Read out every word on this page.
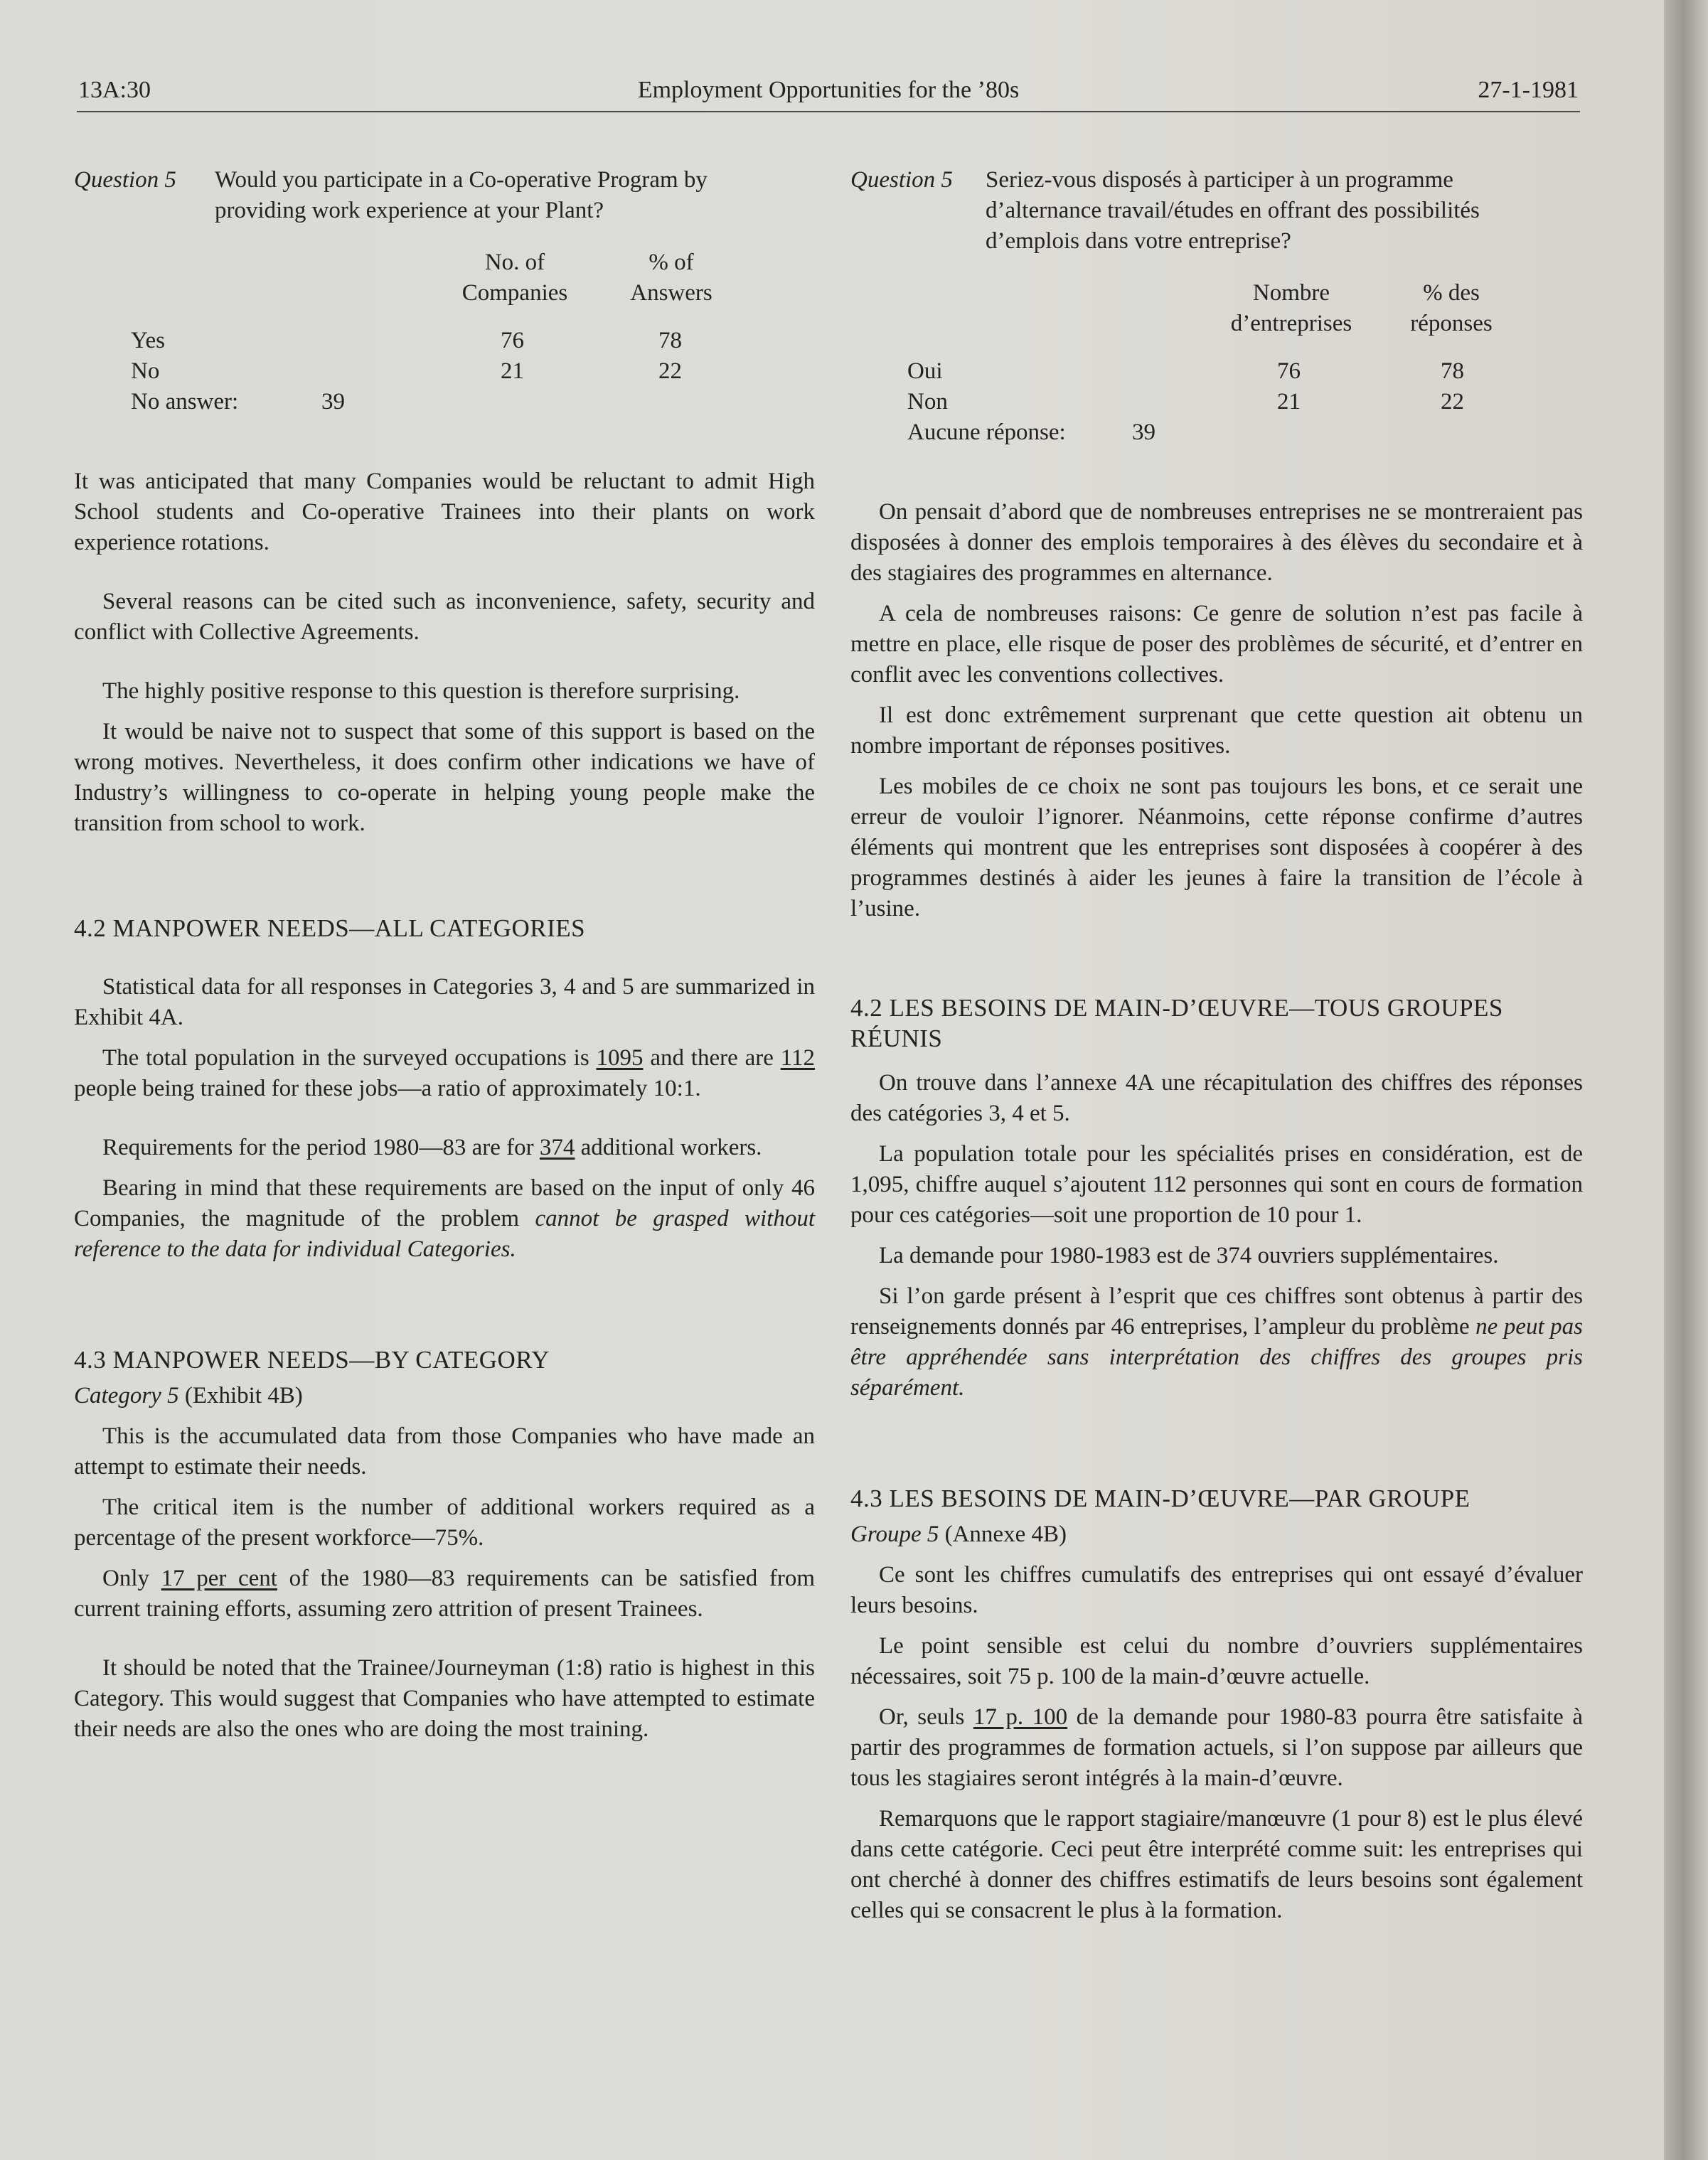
13A:30	Employment Opportunities for the ’80s	27-1-1981
Question 5	Would you participate in a Co-operative Program by providing work experience at your Plant?
No. of Companies
% of Answers
Yes	76	78
No	21	22
No answer:	39

It was anticipated that many Companies would be reluctant to admit High School students and Co-operative Trainees into their plants on work experience rotations.

Several reasons can be cited such as inconvenience, safety, security and conflict with Collective Agreements.

The highly positive response to this question is therefore surprising.

It would be naive not to suspect that some of this support is based on the wrong motives. Nevertheless, it does confirm other indications we have of Industry’s willingness to co-operate in helping young people make the transition from school to work.

4.2 MANPOWER NEEDS—ALL CATEGORIES

Statistical data for all responses in Categories 3, 4 and 5 are summarized in Exhibit 4A.

The total population in the surveyed occupations is 1095 and there are 112 people being trained for these jobs—a ratio of approximately 10:1.

Requirements for the period 1980—83 are for 374 additional workers.

Bearing in mind that these requirements are based on the input of only 46 Companies, the magnitude of the problem cannot be grasped without reference to the data for individual Categories.

4.3 MANPOWER NEEDS—BY CATEGORY

Category 5 (Exhibit 4B)

This is the accumulated data from those Companies who have made an attempt to estimate their needs.

The critical item is the number of additional workers required as a percentage of the present workforce—75%.

Only 17 per cent of the 1980—83 requirements can be satisfied from current training efforts, assuming zero attrition of present Trainees.

It should be noted that the Trainee/Journeyman (1:8) ratio is highest in this Category. This would suggest that Companies who have attempted to estimate their needs are also the ones who are doing the most training.

Question 5	Seriez-vous disposés à participer à un programme d’alternance travail/études en offrant des possibilités d’emplois dans votre entreprise?
Nombre d’entreprises
% des réponses
Oui	76	78
Non	21	22
Aucune réponse:	39

On pensait d’abord que de nombreuses entreprises ne se montreraient pas disposées à donner des emplois temporaires à des élèves du secondaire et à des stagiaires des programmes en alternance.

A cela de nombreuses raisons: Ce genre de solution n’est pas facile à mettre en place, elle risque de poser des problèmes de sécurité, et d’entrer en conflit avec les conventions collectives.

Il est donc extrêmement surprenant que cette question ait obtenu un nombre important de réponses positives.

Les mobiles de ce choix ne sont pas toujours les bons, et ce serait une erreur de vouloir l’ignorer. Néanmoins, cette réponse confirme d’autres éléments qui montrent que les entreprises sont disposées à coopérer à des programmes destinés à aider les jeunes à faire la transition de l’école à l’usine.

4.2 LES BESOINS DE MAIN-D’ŒUVRE—TOUS GROUPES RÉUNIS

On trouve dans l’annexe 4A une récapitulation des chiffres des réponses des catégories 3, 4 et 5.

La population totale pour les spécialités prises en considération, est de 1,095, chiffre auquel s’ajoutent 112 personnes qui sont en cours de formation pour ces catégories—soit une proportion de 10 pour 1.

La demande pour 1980-1983 est de 374 ouvriers supplémentaires.

Si l’on garde présent à l’esprit que ces chiffres sont obtenus à partir des renseignements donnés par 46 entreprises, l’ampleur du problème ne peut pas être appréhendée sans interprétation des chiffres des groupes pris séparément.

4.3 LES BESOINS DE MAIN-D’ŒUVRE—PAR GROUPE

Groupe 5 (Annexe 4B)

Ce sont les chiffres cumulatifs des entreprises qui ont essayé d’évaluer leurs besoins.

Le point sensible est celui du nombre d’ouvriers supplémentaires nécessaires, soit 75 p. 100 de la main-d’œuvre actuelle.

Or, seuls 17 p. 100 de la demande pour 1980-83 pourra être satisfaite à partir des programmes de formation actuels, si l’on suppose par ailleurs que tous les stagiaires seront intégrés à la main-d’œuvre.

Remarquons que le rapport stagiaire/manœuvre (1 pour 8) est le plus élevé dans cette catégorie. Ceci peut être interprété comme suit: les entreprises qui ont cherché à donner des chiffres estimatifs de leurs besoins sont également celles qui se consacrent le plus à la formation.
